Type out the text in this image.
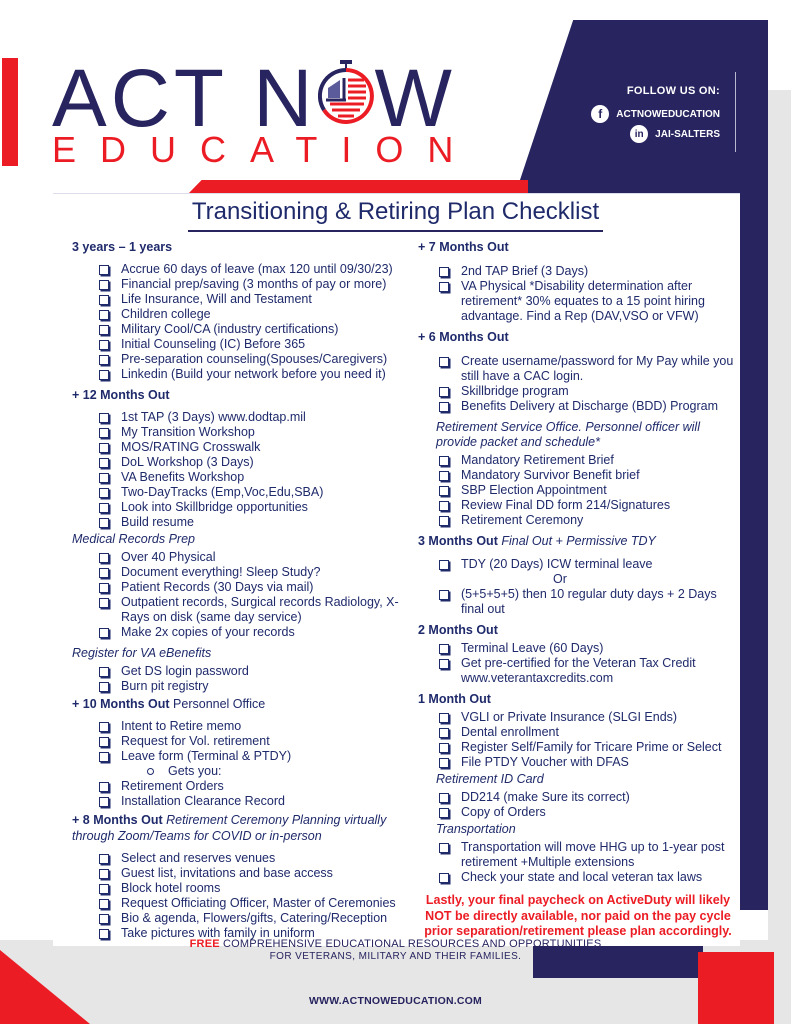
ACT N W
EDUCATION
FOLLOW US ON:
f	ACTNOWEDUCATION
in	JAI-SALTERS
Transitioning & Retiring Plan Checklist
3 years – 1 years
Accrue 60 days of leave (max 120 until 09/30/23)
Financial prep/saving (3 months of pay or more)
Life Insurance, Will and Testament
Children college
Military Cool/CA (industry certifications)
Initial Counseling (IC) Before 365
Pre-separation counseling(Spouses/Caregivers)
Linkedin (Build your network before you need it)
+ 12 Months Out
1st TAP (3 Days) www.dodtap.mil
My Transition Workshop
MOS/RATING Crosswalk
DoL Workshop (3 Days)
VA Benefits Workshop
Two-DayTracks (Emp,Voc,Edu,SBA)
Look into Skillbridge opportunities
Build resume
Medical Records Prep
Over 40 Physical
Document everything! Sleep Study?
Patient Records (30 Days via mail)
Outpatient records, Surgical records Radiology, X-Rays on disk (same day service)
Make 2x copies of your records
Register for VA eBenefits
Get DS login password
Burn pit registry
+ 10 Months Out Personnel Office
Intent to Retire memo
Request for Vol. retirement
Leave form (Terminal & PTDY)
Gets you:
Retirement Orders
Installation Clearance Record
+ 8 Months Out Retirement Ceremony Planning virtually through Zoom/Teams for COVID or in-person
Select and reserves venues
Guest list, invitations and base access
Block hotel rooms
Request Officiating Officer, Master of Ceremonies
Bio & agenda, Flowers/gifts, Catering/Reception
Take pictures with family in uniform
+ 7 Months Out
2nd TAP Brief (3 Days)
VA Physical *Disability determination after retirement* 30% equates to a 15 point hiring advantage. Find a Rep (DAV,VSO or VFW)
+ 6 Months Out
Create username/password for My Pay while you still have a CAC login.
Skillbridge program
Benefits Delivery at Discharge (BDD) Program
Retirement Service Office. Personnel officer will provide packet and schedule*
Mandatory Retirement Brief
Mandatory Survivor Benefit brief
SBP Election Appointment
Review Final DD form 214/Signatures
Retirement Ceremony
3 Months Out Final Out + Permissive TDY
TDY (20 Days) ICW terminal leave
Or
(5+5+5+5) then 10 regular duty days + 2 Days final out
2 Months Out
Terminal Leave (60 Days)
Get pre-certified for the Veteran Tax Credit www.veterantaxcredits.com
1 Month Out
VGLI or Private Insurance (SLGI Ends)
Dental enrollment
Register Self/Family for Tricare Prime or Select
File PTDY Voucher with DFAS
Retirement ID Card
DD214 (make Sure its correct)
Copy of Orders
Transportation
Transportation will move HHG up to 1-year post retirement +Multiple extensions
Check your state and local veteran tax laws
Lastly, your final paycheck on ActiveDuty will likely NOT be directly available, nor paid on the pay cycle prior separation/retirement please plan accordingly.
FREE COMPREHENSIVE EDUCATIONAL RESOURCES AND OPPORTUNITIES
FOR VETERANS, MILITARY AND THEIR FAMILIES.
WWW.ACTNOWEDUCATION.COM
